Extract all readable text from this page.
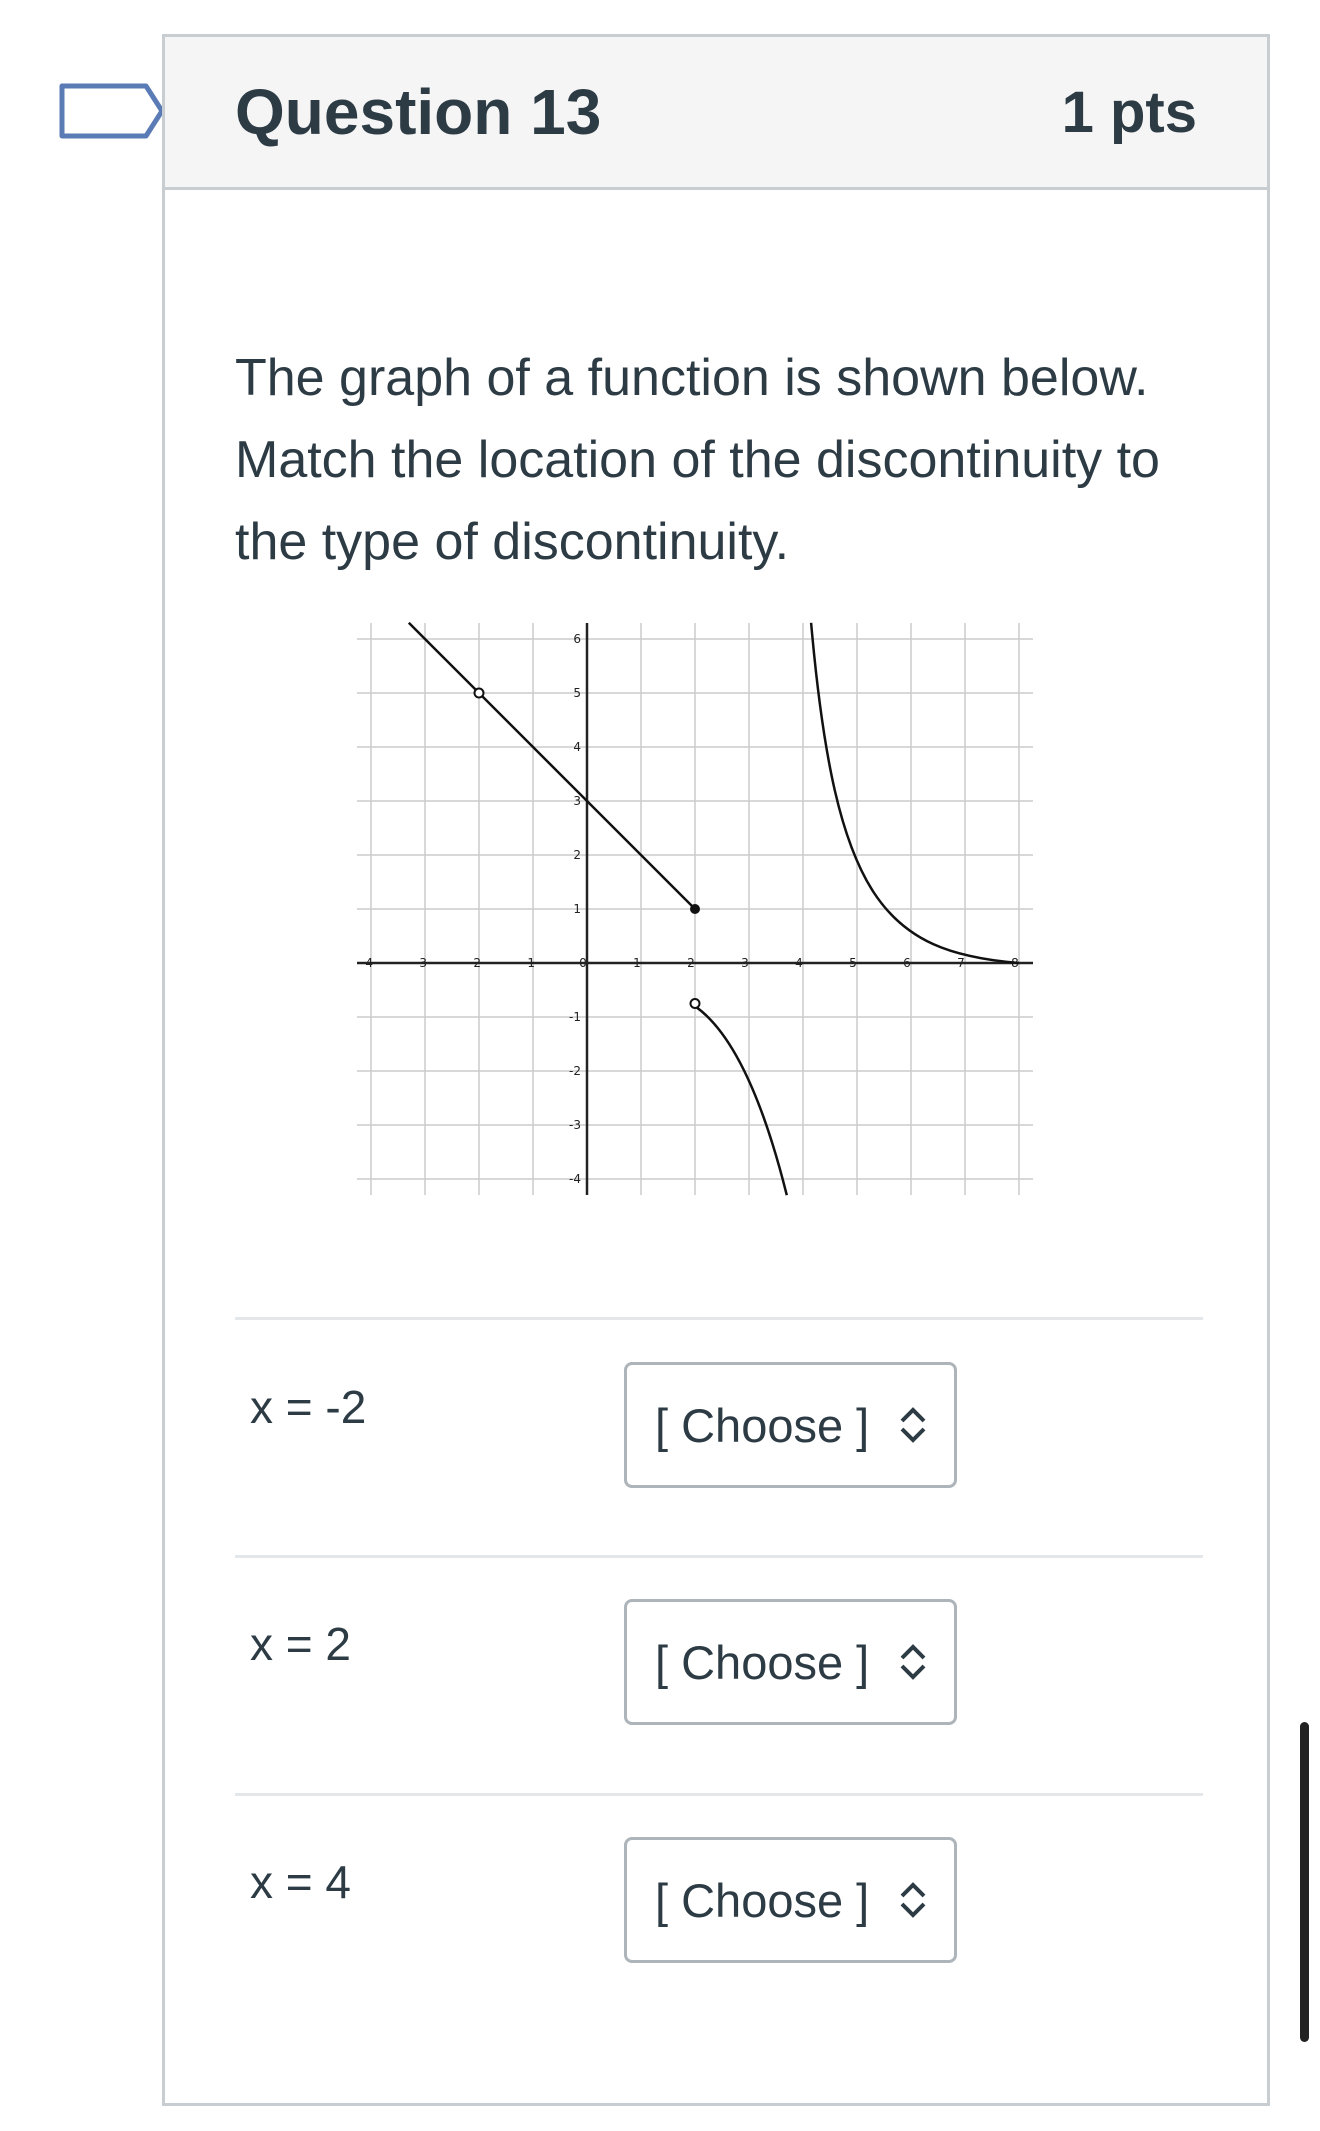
Question 13	1 pts
The graph of a function is shown below. Match the location of the discontinuity to the type of discontinuity.
-4	-3	-2	-1	0	1	2	3	4	5	6	7	8
6
5
4
3
2
1
-1
-2
-3
-4
x = -2	[ Choose ]
x = 2	[ Choose ]
x = 4	[ Choose ]
